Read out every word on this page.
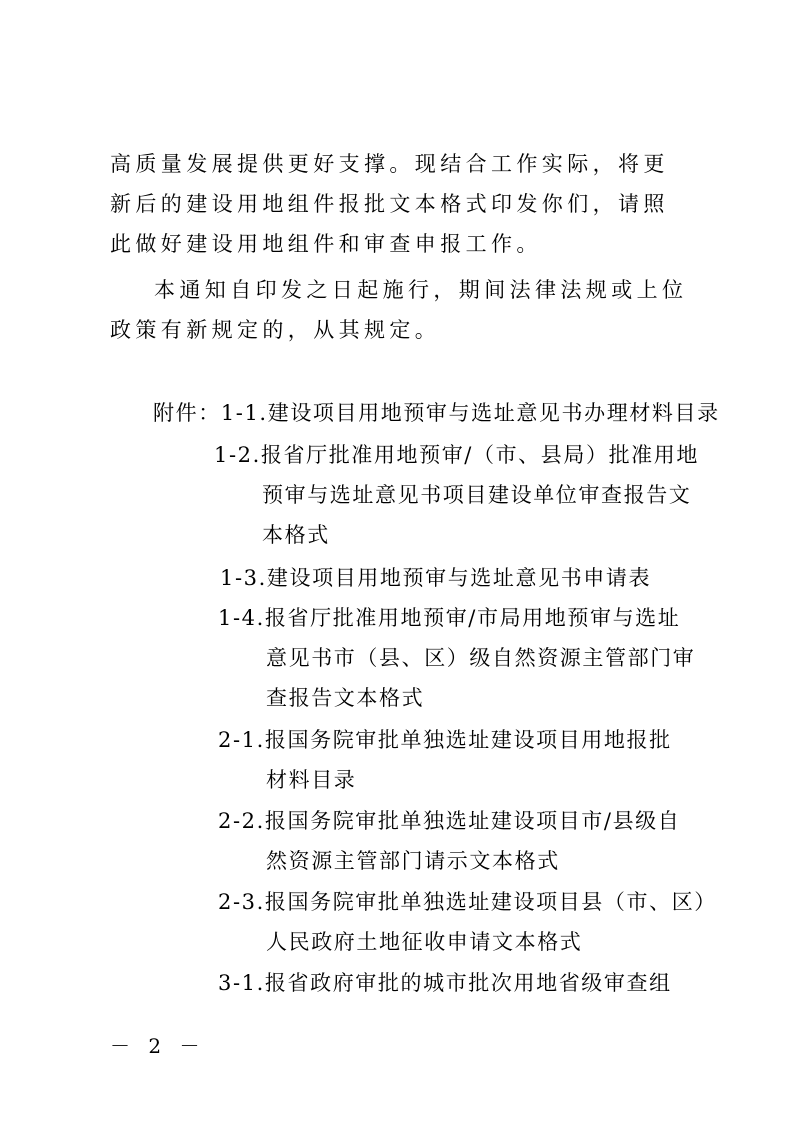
高质量发展提供更好支撑。现结合工作实际，将更新后的建设用地组件报批文本格式印发你们，请照此做好建设用地组件和审查申报工作。

本通知自印发之日起施行，期间法律法规或上位政策有新规定的，从其规定。

附件：1-1.建设项目用地预审与选址意见书办理材料目录
1-2.报省厅批准用地预审/（市、县局）批准用地
预审与选址意见书项目建设单位审查报告文
本格式
1-3.建设项目用地预审与选址意见书申请表
1-4.报省厅批准用地预审/市局用地预审与选址
意见书市（县、区）级自然资源主管部门审
查报告文本格式
2-1.报国务院审批单独选址建设项目用地报批
材料目录
2-2.报国务院审批单独选址建设项目市/县级自
然资源主管部门请示文本格式
2-3.报国务院审批单独选址建设项目县（市、区）
人民政府土地征收申请文本格式
3-1.报省政府审批的城市批次用地省级审查组
－ 2 －
